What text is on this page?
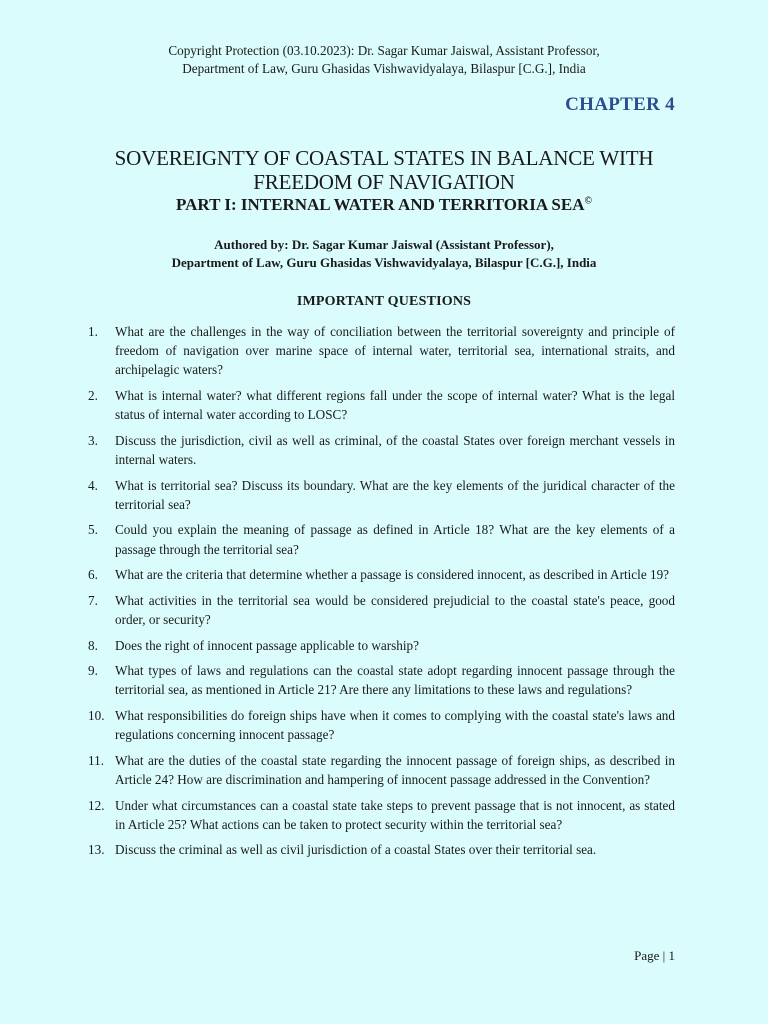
Copyright Protection (03.10.2023): Dr. Sagar Kumar Jaiswal, Assistant Professor,
Department of Law, Guru Ghasidas Vishwavidyalaya, Bilaspur [C.G.], India
CHAPTER 4
SOVEREIGNTY OF COASTAL STATES IN BALANCE WITH
FREEDOM OF NAVIGATION
PART I: INTERNAL WATER AND TERRITORIA SEA©
Authored by: Dr. Sagar Kumar Jaiswal (Assistant Professor),
Department of Law, Guru Ghasidas Vishwavidyalaya, Bilaspur [C.G.], India
IMPORTANT QUESTIONS
1.	What are the challenges in the way of conciliation between the territorial sovereignty and principle of freedom of navigation over marine space of internal water, territorial sea, international straits, and archipelagic waters?
2.	What is internal water? what different regions fall under the scope of internal water? What is the legal status of internal water according to LOSC?
3.	Discuss the jurisdiction, civil as well as criminal, of the coastal States over foreign merchant vessels in internal waters.
4.	What is territorial sea? Discuss its boundary. What are the key elements of the juridical character of the territorial sea?
5.	Could you explain the meaning of passage as defined in Article 18? What are the key elements of a passage through the territorial sea?
6.	What are the criteria that determine whether a passage is considered innocent, as described in Article 19?
7.	What activities in the territorial sea would be considered prejudicial to the coastal state's peace, good order, or security?
8.	Does the right of innocent passage applicable to warship?
9.	What types of laws and regulations can the coastal state adopt regarding innocent passage through the territorial sea, as mentioned in Article 21? Are there any limitations to these laws and regulations?
10. What responsibilities do foreign ships have when it comes to complying with the coastal state's laws and regulations concerning innocent passage?
11. What are the duties of the coastal state regarding the innocent passage of foreign ships, as described in Article 24? How are discrimination and hampering of innocent passage addressed in the Convention?
12. Under what circumstances can a coastal state take steps to prevent passage that is not innocent, as stated in Article 25? What actions can be taken to protect security within the territorial sea?
13. Discuss the criminal as well as civil jurisdiction of a coastal States over their territorial sea.
Page | 1
